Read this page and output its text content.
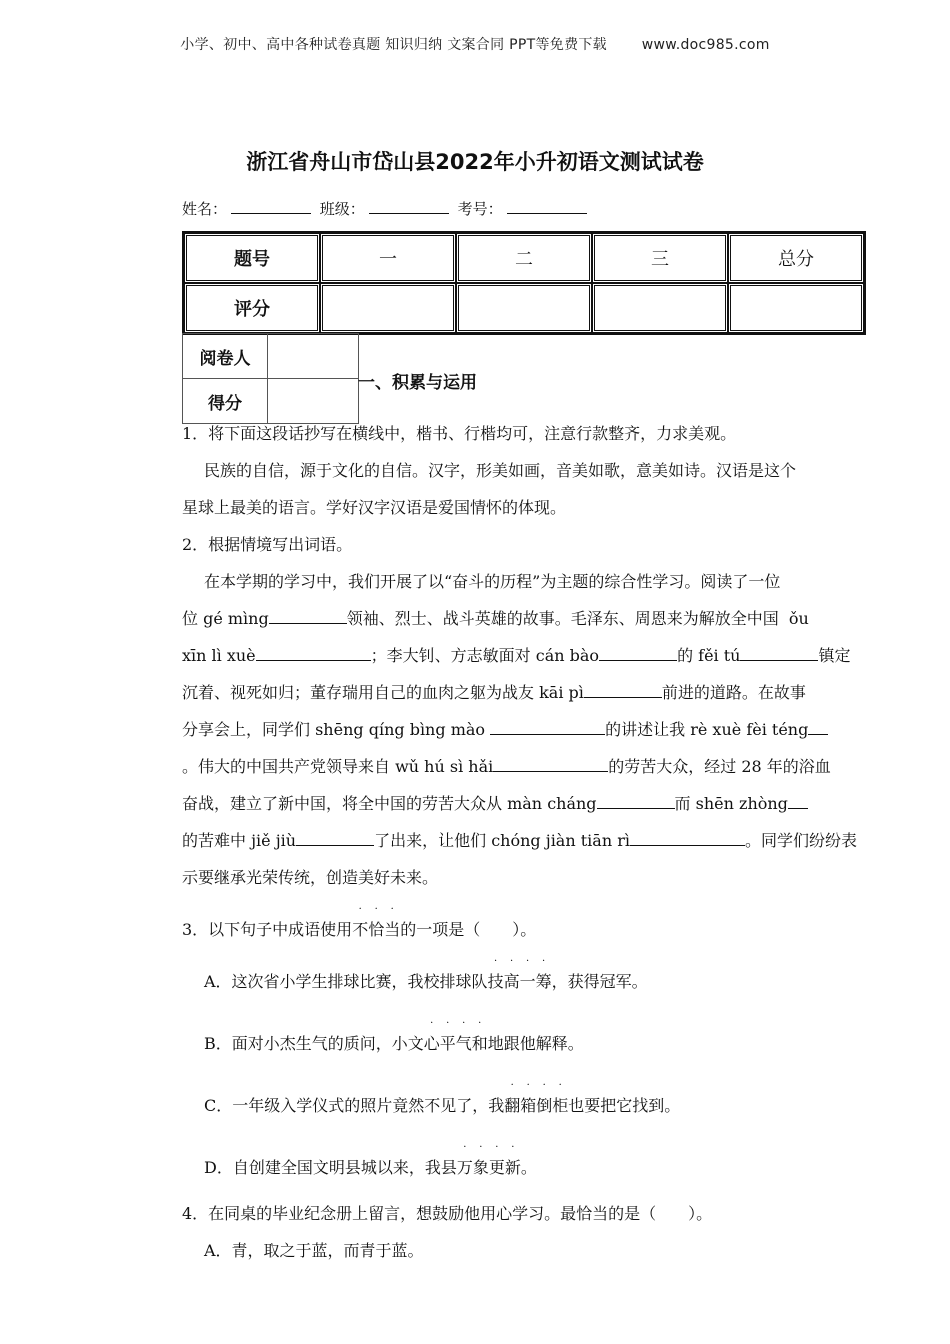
小学、初中、高中各种试卷真题 知识归纳 文案合同 PPT等免费下载 www.doc985.com
浙江省舟山市岱山县2022年小升初语文测试试卷
姓名：	班级：	考号：
题号	一	二	三	总分
评分				
阅卷人	
得分	
一、积累与运用
1．将下面这段话抄写在横线中，楷书、行楷均可，注意行款整齐，力求美观。
民族的自信，源于文化的自信。汉字，形美如画，音美如歌，意美如诗。汉语是这个
星球上最美的语言。学好汉字汉语是爱国情怀的体现。
2．根据情境写出词语。
在本学期的学习中，我们开展了以“奋斗的历程”为主题的综合性学习。阅读了一位
位 gé mìng	领袖、烈士、战斗英雄的故事。毛泽东、周恩来为解放全中国 ǒu
xīn lì xuè	；李大钊、方志敏面对 cán bào	的 fěi tú	镇定
沉着、视死如归；董存瑞用自己的血肉之躯为战友 kāi pì	前进的道路。在故事
分享会上，同学们 shēng qíng bìng mào	的讲述让我 rè xuè fèi téng
。伟大的中国共产党领导来自 wǔ hú sì hǎi	的劳苦大众，经过 28 年的浴血
奋战，建立了新中国，将全中国的劳苦大众从 màn cháng	而 shēn zhòng
的苦难中 jiě jiù	了出来，让他们 chóng jiàn tiān rì	。同学们纷纷表
示要继承光荣传统，创造美好未来。
3．以下句子中成语使用
· · ·
不恰当的一项是（　　）。
A．这次省小学生排球比赛，我校排球队
· · · ·
技高一筹，获得冠军。
B．面对小杰生气的质问，小文
· · · ·
心平气和地跟他解释。
C．一年级入学仪式的照片竟然不见了，我
· · · ·
翻箱倒柜也要把它找到。
D．自创建全国文明县城以来，我县
· · · ·
万象更新。
4．在同桌的毕业纪念册上留言，想鼓励他用心学习。最恰当的是（　　）。
A．青，取之于蓝，而青于蓝。
